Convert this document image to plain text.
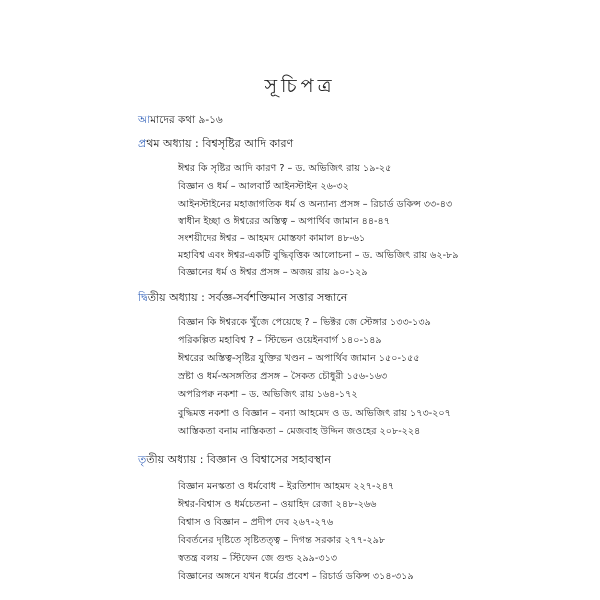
সূচিপত্র
আমাদের কথা ৯-১৬
প্রথম অধ্যায় : বিশ্বসৃষ্টির আদি কারণ
ঈশ্বর কি সৃষ্টির আদি কারণ ? – ড. অভিজিৎ রায় ১৯-২৫
বিজ্ঞান ও ধর্ম – আলবার্ট আইনস্টাইন ২৬-৩২
আইনস্টাইনের মহাজাগতিক ধর্ম ও অন্যান্য প্রসঙ্গ – রিচার্ড ডকিন্স ৩৩-৪৩
স্বাধীন ইচ্ছা ও ঈশ্বরের অস্তিত্ব – অপার্থিব জামান ৪৪-৪৭
সংশয়ীদের ঈশ্বর – আহমদ মোস্তফা কামাল ৪৮-৬১
মহাবিশ্ব এবং ঈশ্বর-একটি বুদ্ধিবৃত্তিক আলোচনা – ড. অভিজিৎ রায় ৬২-৮৯
বিজ্ঞানের ধর্ম ও ঈশ্বর প্রসঙ্গ – অজয় রায় ৯০-১২৯
দ্বিতীয় অধ্যায় : সর্বজ্ঞ-সর্বশক্তিমান সত্তার সন্ধানে
বিজ্ঞান কি ঈশ্বরকে খুঁজে পেয়েছে ? – ভিক্টর জে স্টেঙ্গার ১৩৩-১৩৯
পরিকল্পিত মহাবিশ্ব ? – স্টিভেন ওয়েইনবার্গ ১৪০-১৪৯
ঈশ্বরের অস্তিত্ব-সৃষ্টির যুক্তির খণ্ডন – অপার্থিব জামান ১৫০-১৫৫
স্রষ্টা ও ধর্ম-অসঙ্গতির প্রসঙ্গ – সৈকত চৌধুরী ১৫৬-১৬৩
অপরিপক্ব নকশা – ড. অভিজিৎ রায় ১৬৪-১৭২
বুদ্ধিমত্ত নকশা ও বিজ্ঞান – বন্যা আহমেদ ও ড. অভিজিৎ রায় ১৭৩-২০৭
আস্তিকতা বনাম নাস্তিকতা – মেজবাহ উদ্দিন জওহের ২০৮-২২৪
তৃতীয় অধ্যায় : বিজ্ঞান ও বিশ্বাসের সহাবস্থান
বিজ্ঞান মনস্কতা ও ধর্মবোধ – ইরতিশাদ আহমদ ২২৭-২৪৭
ঈশ্বর-বিশ্বাস ও ধর্মচেতনা – ওয়াহিদ রেজা ২৪৮-২৬৬
বিশ্বাস ও বিজ্ঞান – প্রদীপ দেব ২৬৭-২৭৬
বিবর্তনের দৃষ্টিতে সৃষ্টিতত্ত্ব – দিগন্ত সরকার ২৭৭-২৯৮
স্বতন্ত্র বলয় – স্টিফেন জে গুল্ড ২৯৯-৩১৩
বিজ্ঞানের অঙ্গনে যখন ধর্মের প্রবেশ – রিচার্ড ডকিন্স ৩১৪-৩১৯
